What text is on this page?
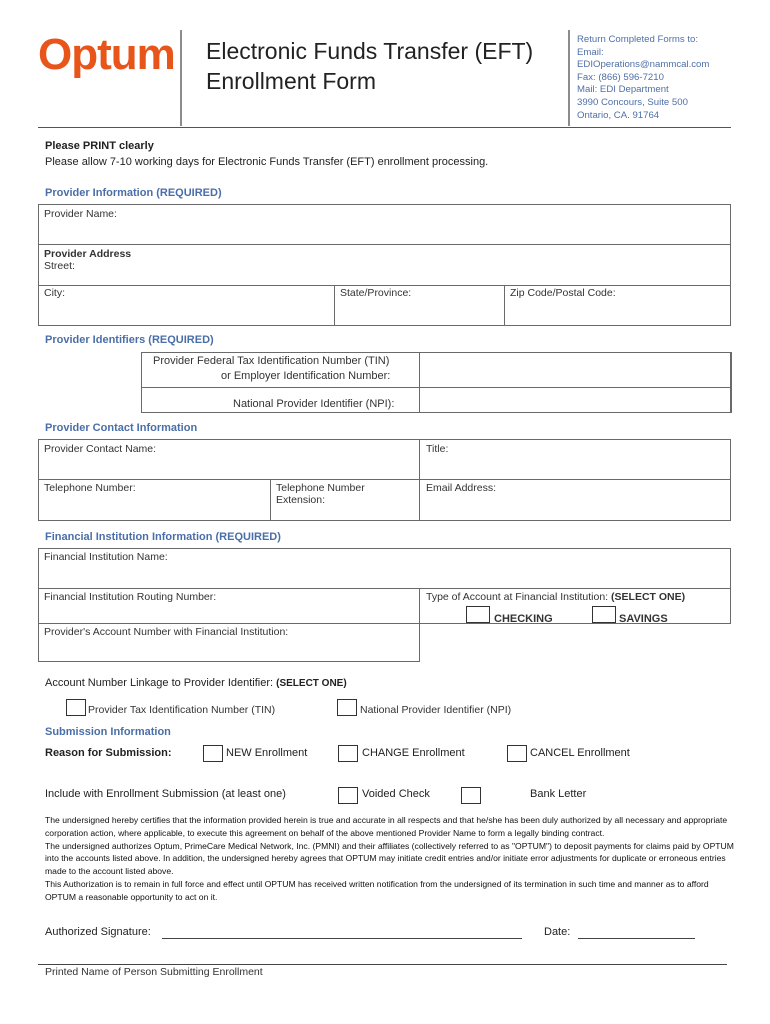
Optum Electronic Funds Transfer (EFT)
Enrollment Form
Return Completed Forms to:
Email:
EDIOperations@nammcal.com
Fax: (866) 596-7210
Mail: EDI Department
3990 Concours, Suite 500
Ontario, CA. 91764
Please PRINT clearly
Please allow 7-10 working days for Electronic Funds Transfer (EFT) enrollment processing.
Provider Information (REQUIRED)
Provider Name:
Provider Address
Street:
City:	State/Province:	Zip Code/Postal Code:
Provider Identifiers (REQUIRED)
Provider Federal Tax Identification Number (TIN)
or Employer Identification Number:
National Provider Identifier (NPI):
Provider Contact Information
Provider Contact Name:	Title:
Telephone Number:	Telephone Number
Extension:
Email Address:
Financial Institution Information (REQUIRED)
Financial Institution Name:
Financial Institution Routing Number:	Type of Account at Financial Institution: (SELECT ONE)
CHECKING	SAVINGS
Provider's Account Number with Financial Institution:
Account Number Linkage to Provider Identifier: (SELECT ONE)
Provider Tax Identification Number (TIN)	National Provider Identifier (NPI)
Submission Information
Reason for Submission:	NEW Enrollment	CHANGE Enrollment	CANCEL Enrollment
Include with Enrollment Submission (at least one)	Voided Check	Bank Letter

The undersigned hereby certifies that the information provided herein is true and accurate in all respects and that he/she has been duly authorized by all necessary and appropriate corporation action, where applicable, to execute this agreement on behalf of the above mentioned Provider Name to form a legally binding contract.

The undersigned authorizes Optum, PrimeCare Medical Network, Inc. (PMNI) and their affiliates (collectively referred to as "OPTUM") to deposit payments for claims paid by OPTUM into the accounts listed above. In addition, the undersigned hereby agrees that OPTUM may initiate credit entries and/or initiate error adjustments for duplicate or erroneous entries made to the account listed above.

This Authorization is to remain in full force and effect until OPTUM has received written notification from the undersigned of its termination in such time and manner as to afford OPTUM a reasonable opportunity to act on it.

Authorized Signature:	Date:
Printed Name of Person Submitting Enrollment
